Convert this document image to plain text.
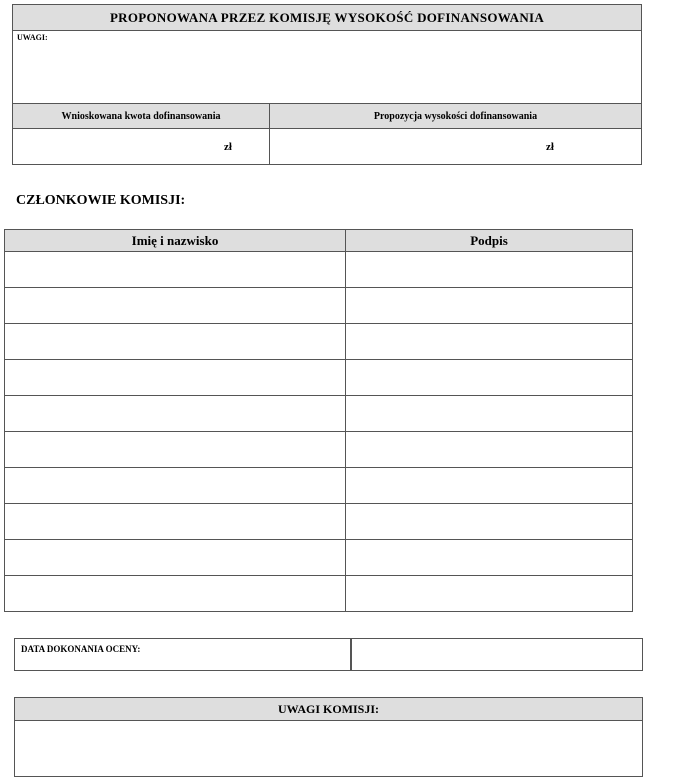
PROPONOWANA PRZEZ KOMISJĘ WYSOKOŚĆ DOFINANSOWANIA
UWAGI:
Wnioskowana kwota dofinansowania	Propozycja wysokości dofinansowania
zł	zł
CZŁONKOWIE KOMISJI:
Imię i nazwisko	Podpis

DATA DOKONANIA OCENY:
UWAGI KOMISJI:
